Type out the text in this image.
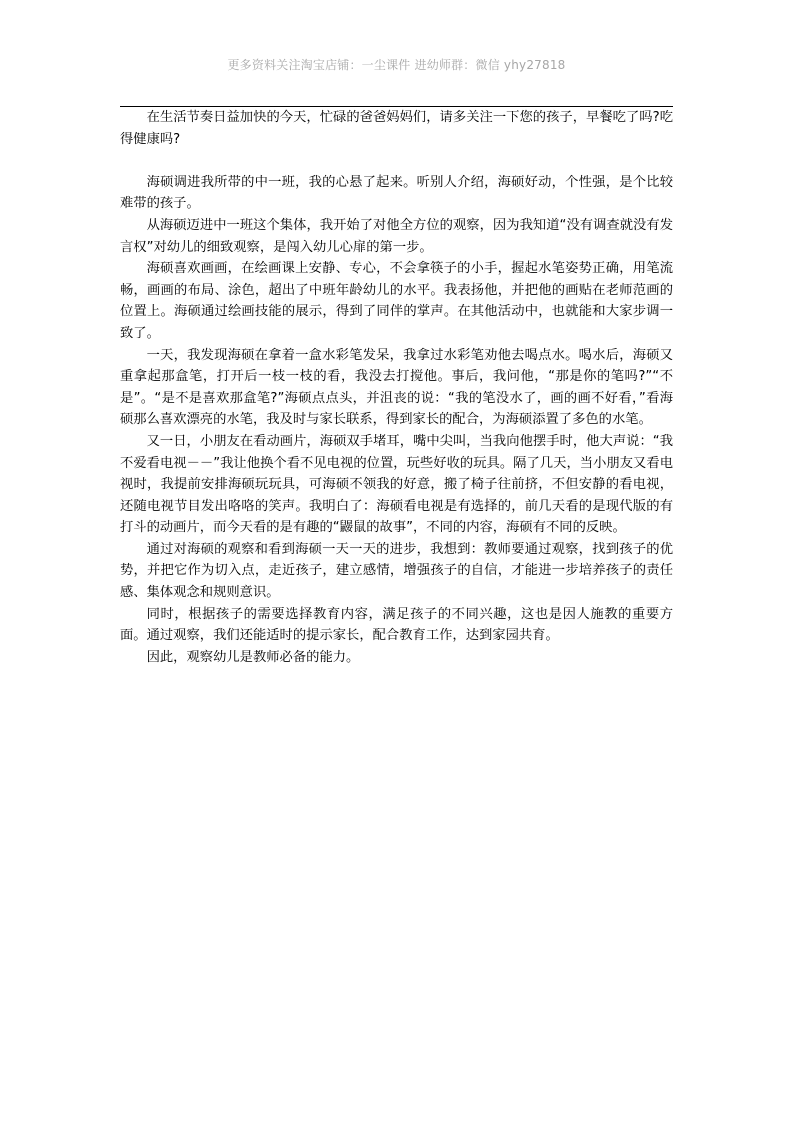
更多资料关注淘宝店铺：一尘课件 进幼师群：微信 yhy27818

在生活节奏日益加快的今天，忙碌的爸爸妈妈们，请多关注一下您的孩子，早餐吃了吗?吃得健康吗?

海硕调进我所带的中一班，我的心悬了起来。听别人介绍，海硕好动，个性强，是个比较难带的孩子。

从海硕迈进中一班这个集体，我开始了对他全方位的观察，因为我知道“没有调查就没有发言权”对幼儿的细致观察，是闯入幼儿心扉的第一步。

海硕喜欢画画，在绘画课上安静、专心，不会拿筷子的小手，握起水笔姿势正确，用笔流畅，画画的布局、涂色，超出了中班年龄幼儿的水平。我表扬他，并把他的画贴在老师范画的位置上。海硕通过绘画技能的展示，得到了同伴的掌声。在其他活动中，也就能和大家步调一致了。

一天，我发现海硕在拿着一盒水彩笔发呆，我拿过水彩笔劝他去喝点水。喝水后，海硕又重拿起那盒笔，打开后一枝一枝的看，我没去打搅他。事后，我问他，“那是你的笔吗?”“不是”。“是不是喜欢那盒笔?”海硕点点头，并沮丧的说：“我的笔没水了，画的画不好看，”看海硕那么喜欢漂亮的水笔，我及时与家长联系，得到家长的配合，为海硕添置了多色的水笔。

又一日，小朋友在看动画片，海硕双手堵耳，嘴中尖叫，当我向他摆手时，他大声说：“我不爱看电视－－”我让他换个看不见电视的位置，玩些好收的玩具。隔了几天，当小朋友又看电视时，我提前安排海硕玩玩具，可海硕不领我的好意，搬了椅子往前挤，不但安静的看电视，还随电视节目发出咯咯的笑声。我明白了：海硕看电视是有选择的，前几天看的是现代版的有打斗的动画片，而今天看的是有趣的“鼹鼠的故事”，不同的内容，海硕有不同的反映。

通过对海硕的观察和看到海硕一天一天的进步，我想到：教师要通过观察，找到孩子的优势，并把它作为切入点，走近孩子，建立感情，增强孩子的自信，才能进一步培养孩子的责任感、集体观念和规则意识。

同时，根据孩子的需要选择教育内容，满足孩子的不同兴趣，这也是因人施教的重要方面。通过观察，我们还能适时的提示家长，配合教育工作，达到家园共育。

因此，观察幼儿是教师必备的能力。
